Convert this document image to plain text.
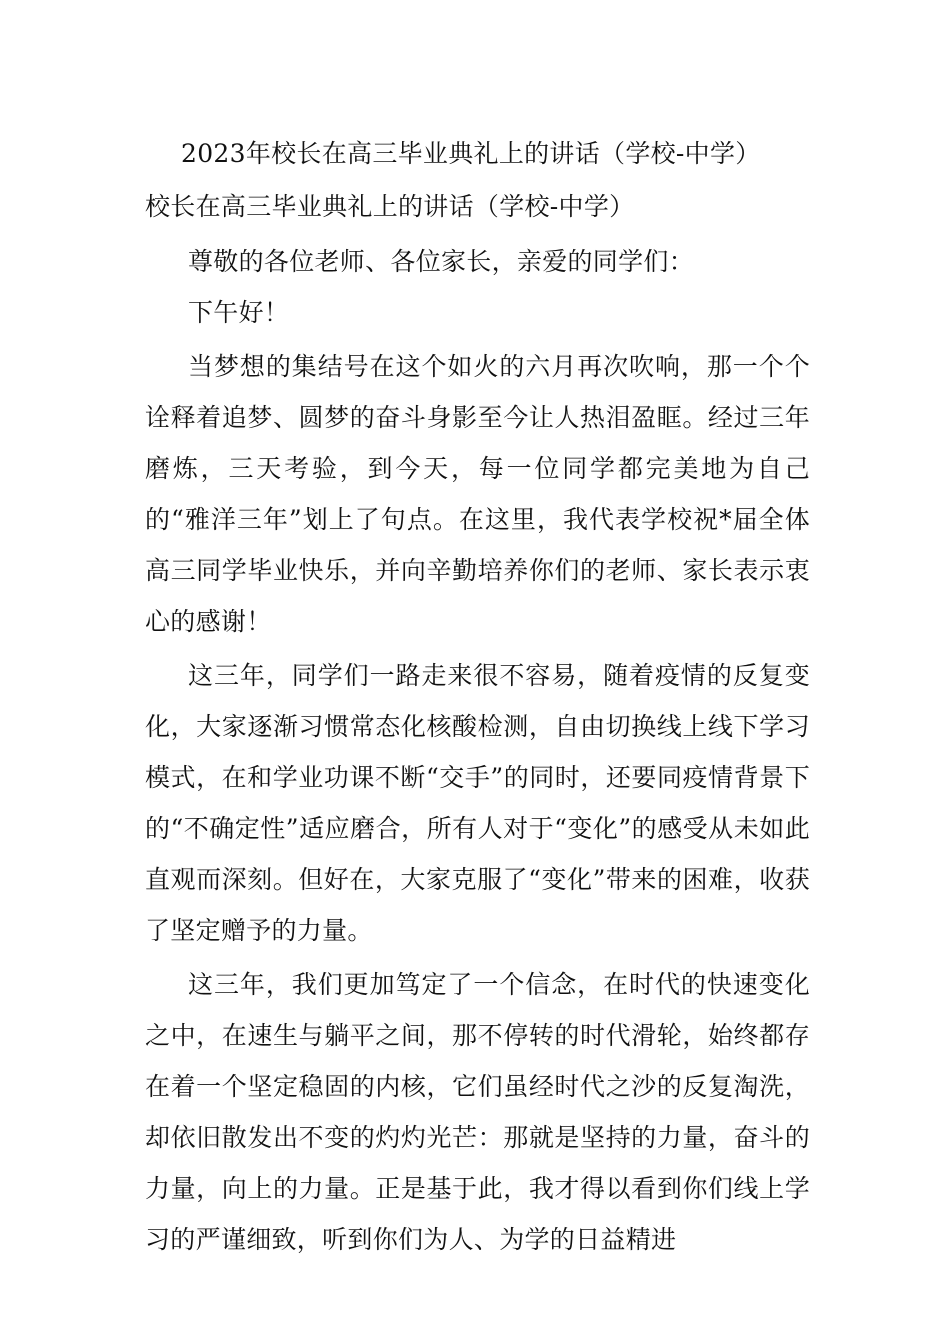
2023年校长在高三毕业典礼上的讲话（学校-中学）

校长在高三毕业典礼上的讲话（学校-中学）

尊敬的各位老师、各位家长，亲爱的同学们：

下午好！

当梦想的集结号在这个如火的六月再次吹响，那一个个诠释着追梦、圆梦的奋斗身影至今让人热泪盈眶。经过三年磨炼，三天考验，到今天，每一位同学都完美地为自己的“雅洋三年”划上了句点。在这里，我代表学校祝*届全体高三同学毕业快乐，并向辛勤培养你们的老师、家长表示衷心的感谢！

这三年，同学们一路走来很不容易，随着疫情的反复变化，大家逐渐习惯常态化核酸检测，自由切换线上线下学习模式，在和学业功课不断“交手”的同时，还要同疫情背景下的“不确定性”适应磨合，所有人对于“变化”的感受从未如此直观而深刻。但好在，大家克服了“变化”带来的困难，收获了坚定赠予的力量。

这三年，我们更加笃定了一个信念，在时代的快速变化之中，在速生与躺平之间，那不停转的时代滑轮，始终都存在着一个坚定稳固的内核，它们虽经时代之沙的反复淘洗，却依旧散发出不变的灼灼光芒：那就是坚持的力量，奋斗的力量，向上的力量。正是基于此，我才得以看到你们线上学习的严谨细致，听到你们为人、为学的日益精进
